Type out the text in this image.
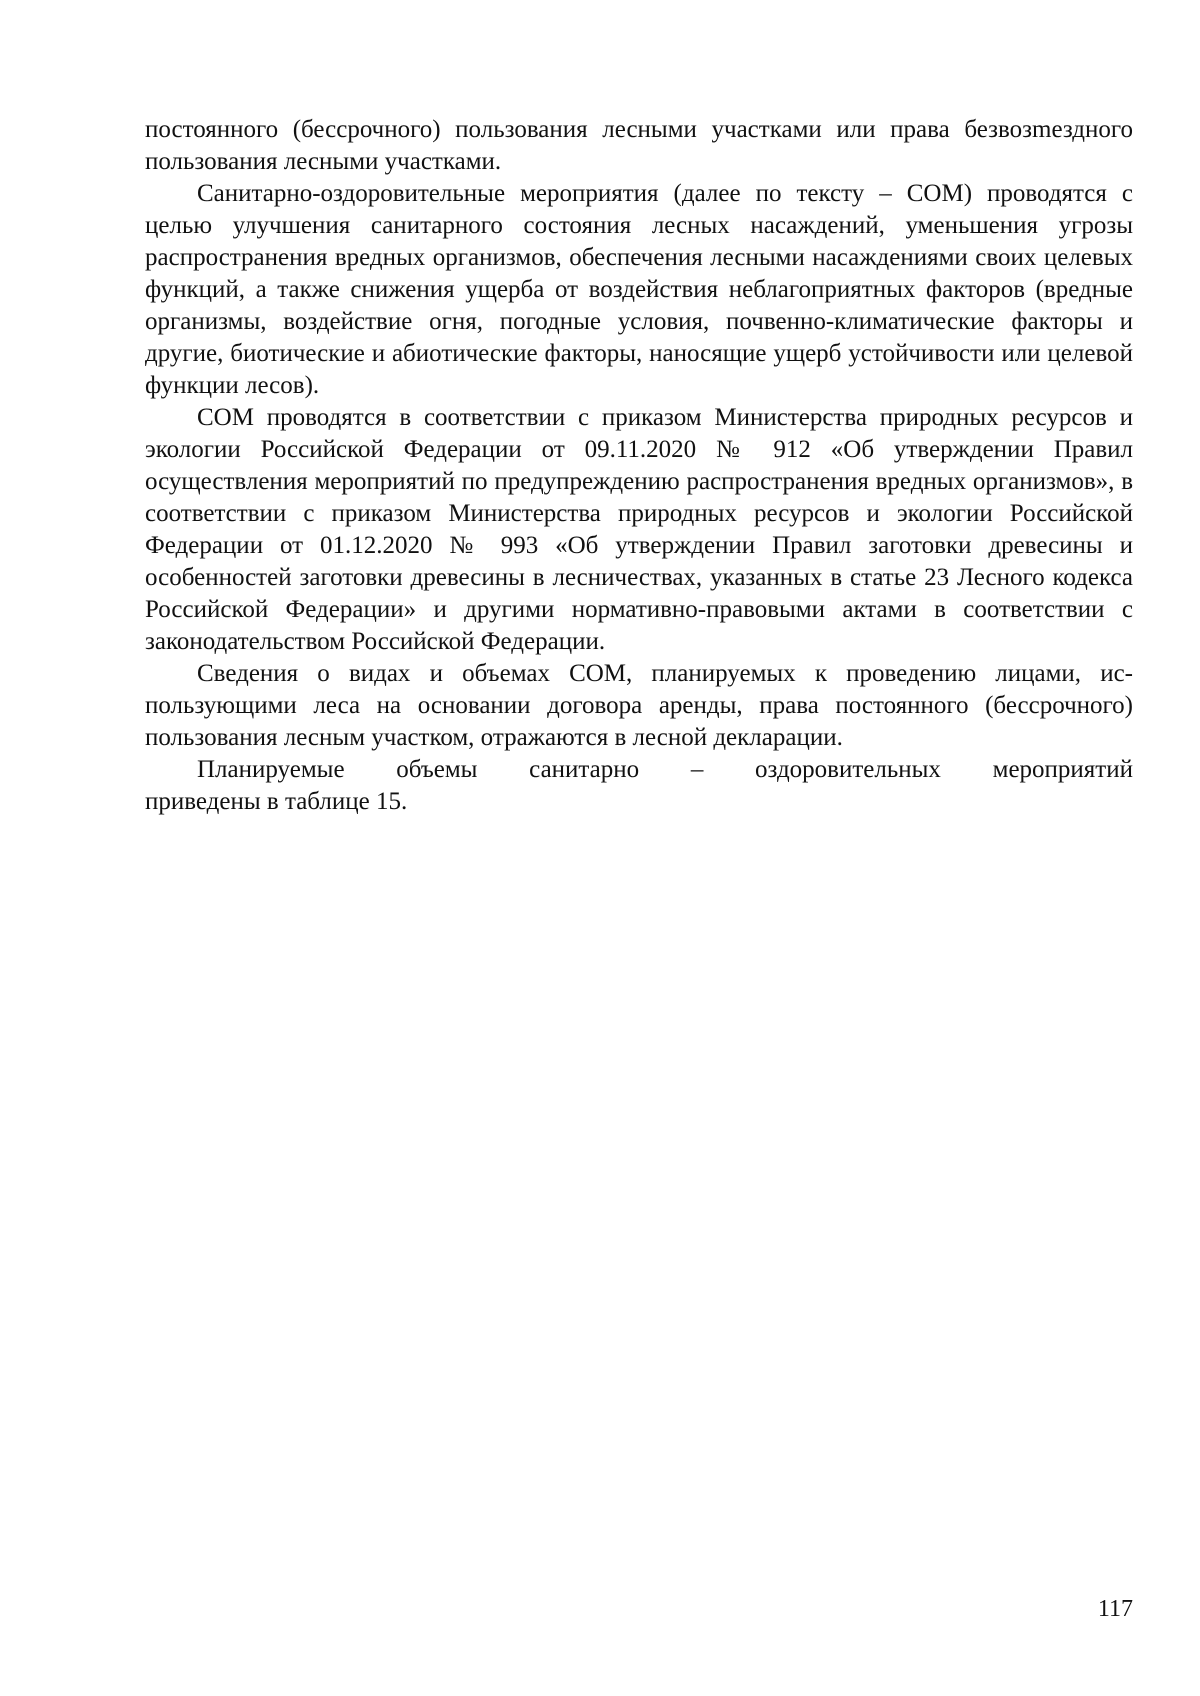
постоянного (бессрочного) пользования лесными участками или права безвозmездного пользования лесными участками.

Санитарно-оздоровительные мероприятия (далее по тексту – СОМ) проводятся с целью улучшения санитарного состояния лесных насаждений, уменьшения угрозы распространения вредных организмов, обеспечения лесными насаждениями своих целевых функций, а также снижения ущерба от воздействия неблагоприятных факторов (вредные организмы, воздействие огня, погодные условия, почвенно-климатические факторы и другие, биотические и абиотические факторы, наносящие ущерб устойчивости или целевой функции лесов).

СОМ проводятся в соответствии с приказом Министерства природных ресурсов и экологии Российской Федерации от 09.11.2020 № 912 «Об утверждении Правил осуществления мероприятий по предупреждению распространения вредных организмов», в соответствии с приказом Министерства природных ресурсов и экологии Российской Федерации от 01.12.2020 № 993 «Об утверждении Правил заготовки древесины и особенностей заготовки древесины в лесничествах, указанных в статье 23 Лесного кодекса Российской Федерации» и другими нормативно-правовыми актами в соответствии с законодательством Российской Федерации.

Сведения о видах и объемах СОМ, планируемых к проведению лицами, использующими леса на основании договора аренды, права постоянного (бессрочного) пользования лесным участком, отражаются в лесной декларации.

Планируемые объемы санитарно – оздоровительных мероприятий

приведены в таблице 15.

117
